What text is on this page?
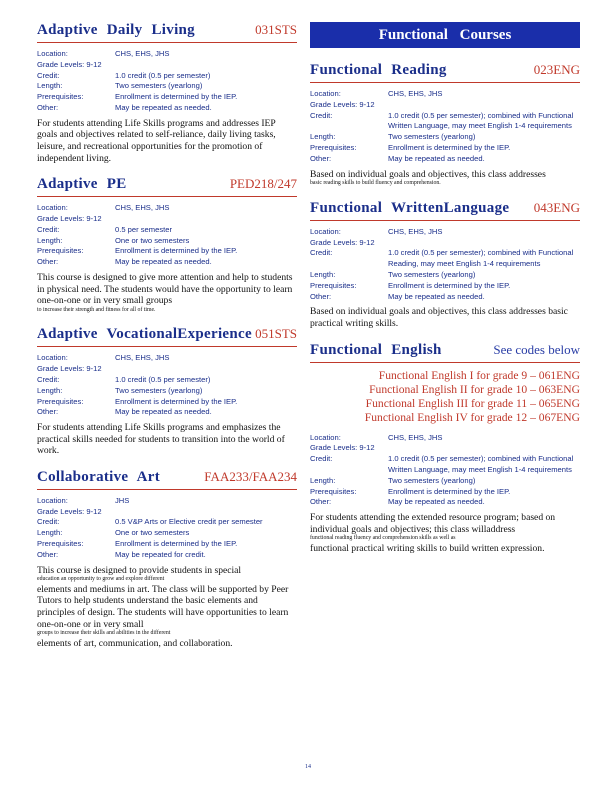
Adaptive Daily Living	031STS
Location:	CHS, EHS, JHS
Grade Levels: 9-12
Credit:	1.0 credit (0.5 per semester)
Length:	Two semesters (yearlong)
Prerequisites:	Enrollment is determined by the IEP.
Other:	May be repeated as needed.
For students attending Life Skills programs and addresses IEP goals and objectives related to self-reliance, daily living tasks, leisure, and recreational opportunities for the promotion of independent living.
Adaptive PE	PED218/247
Location:	CHS, EHS, JHS
Grade Levels: 9-12
Credit:	0.5 per semester
Length:	One or two semesters
Prerequisites:	Enrollment is determined by the IEP.
Other:	May be repeated as needed.
This course is designed to give more attention and help to students in physical need. The students would have the opportunity to learn one-on-one or in very small groups
to increase their strength and fitness for all of time.
Adaptive VocationalExperience 051STS
Location:	CHS, EHS, JHS
Grade Levels: 9-12
Credit:	1.0 credit (0.5 per semester)
Length:	Two semesters (yearlong)
Prerequisites:	Enrollment is determined by the IEP.
Other:	May be repeated as needed.
For students attending Life Skills programs and emphasizes the practical skills needed for students to transition into the world of work.
Collaborative Art	FAA233/FAA234
Location:	JHS
Grade Levels: 9-12
Credit:	0.5 V&P Arts or Elective credit per semester
Length:	One or two semesters
Prerequisites:	Enrollment is determined by the IEP.
Other:	May be repeated for credit.
This course is designed to provide students in special
education an opportunity to grow and explore different
elements and mediums in art. The class will be supported by Peer Tutors to help students understand the basic elements and principles of design. The students will have opportunities to learn one-on-one or in very small
groups to increase their skills and abilities in the different
elements of art, communication, and collaboration.
Functional Courses
Functional Reading	023ENG
Location:	CHS, EHS, JHS
Grade Levels: 9-12
Credit:	1.0 credit (0.5 per semester); combined with Functional Written Language, may meet English 1-4 requirements
Length:	Two semesters (yearlong)
Prerequisites:	Enrollment is determined by the IEP.
Other:	May be repeated as needed.
Based on individual goals and objectives, this class addresses
basic reading skills to build fluency and comprehension.
Functional WrittenLanguage 043ENG
Location:	CHS, EHS, JHS
Grade Levels: 9-12
Credit:	1.0 credit (0.5 per semester); combined with Functional Reading, may meet English 1-4 requirements
Length:	Two semesters (yearlong)
Prerequisites:	Enrollment is determined by the IEP.
Other:	May be repeated as needed.
Based on individual goals and objectives, this class addresses basic practical writing skills.
Functional English	See codes below
Functional English I for grade 9 – 061ENG
Functional English II for grade 10 – 063ENG
Functional English III for grade 11 – 065ENG
Functional English IV for grade 12 – 067ENG
Location:	CHS, EHS, JHS
Grade Levels: 9-12
Credit:	1.0 credit (0.5 per semester); combined with Functional Written Language, may meet English 1-4 requirements
Length:	Two semesters (yearlong)
Prerequisites:	Enrollment is determined by the IEP.
Other:	May be repeated as needed.
For students attending the extended resource program; based on individual goals and objectives; this class willaddress
functional reading fluency and comprehension skills as well as
functional practical writing skills to build written expression.
14
